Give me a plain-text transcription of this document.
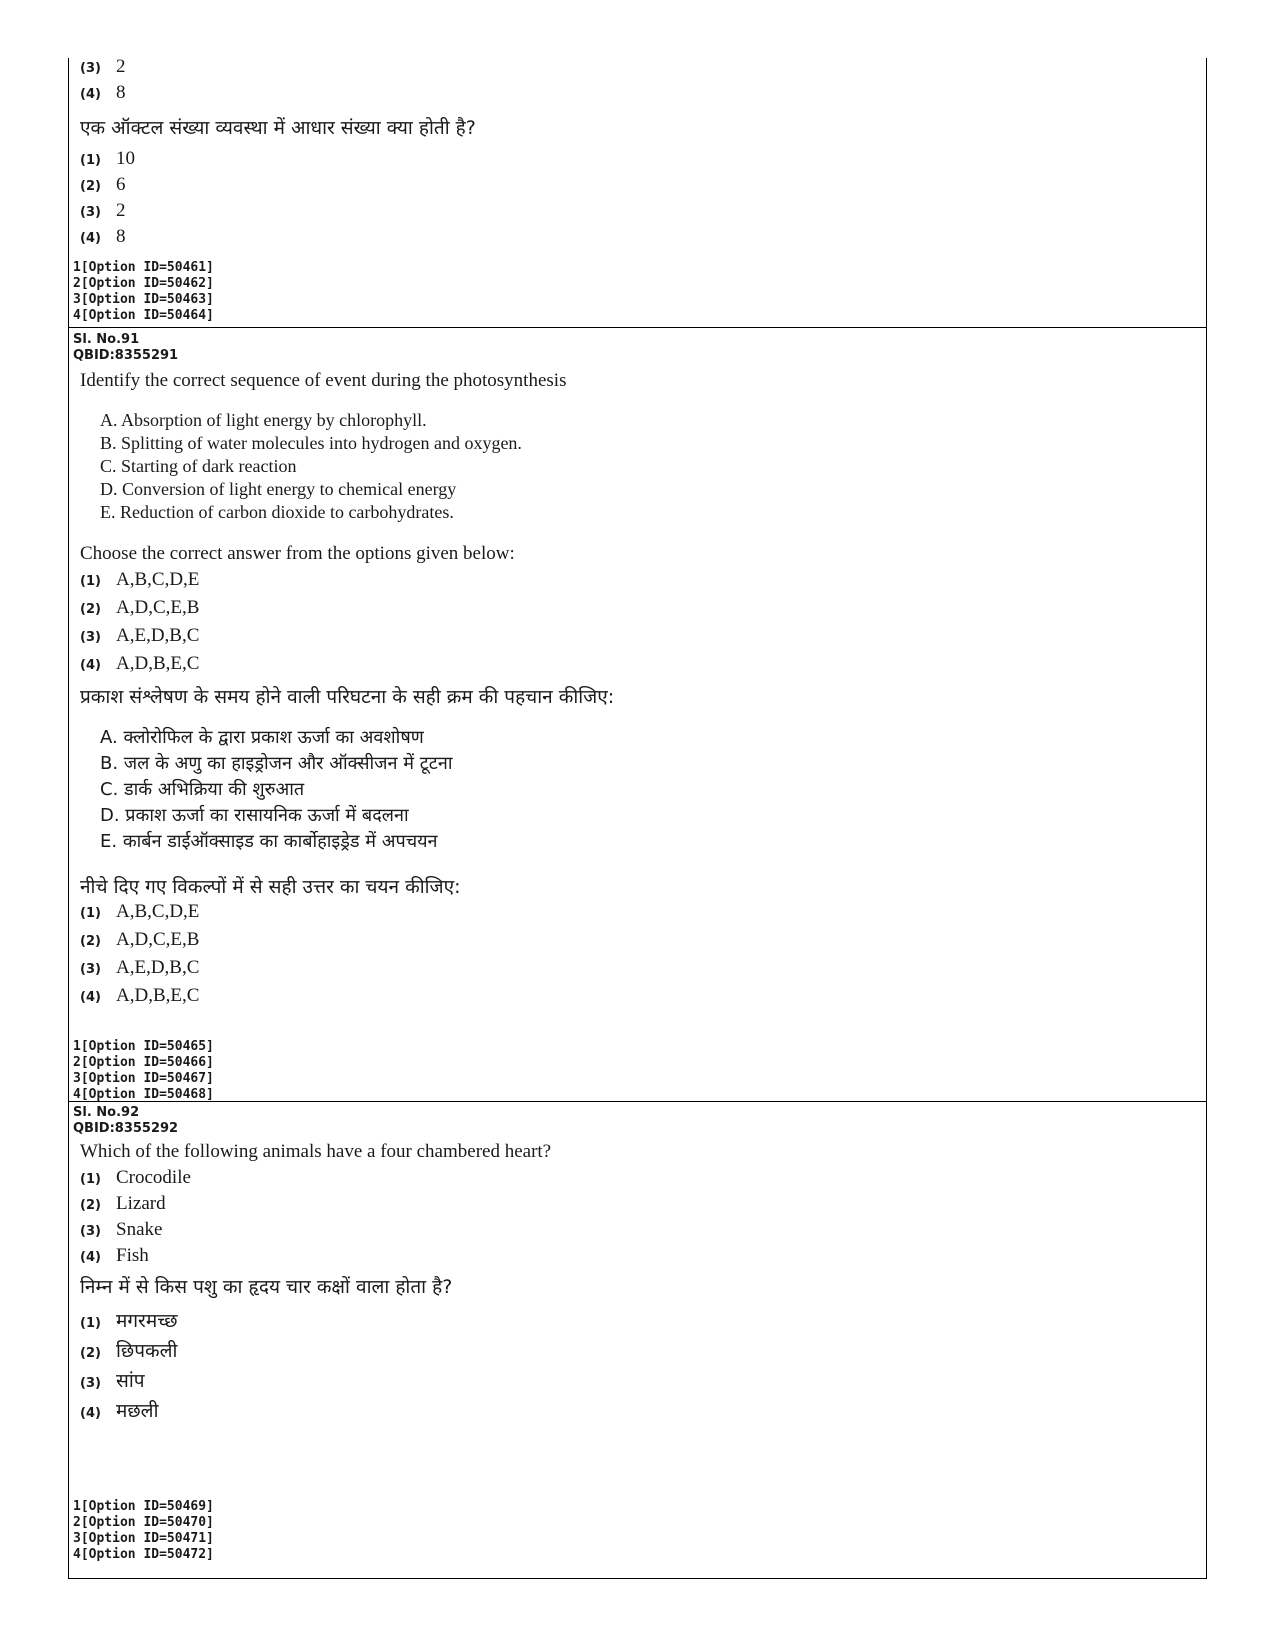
(3) 2
(4) 8
एक ऑक्टल संख्या व्यवस्था में आधार संख्या क्या होती है?
(1) 10
(2) 6
(3) 2
(4) 8
1[Option ID=50461]
2[Option ID=50462]
3[Option ID=50463]
4[Option ID=50464]
Sl. No.91
QBID:8355291
Identify the correct sequence of event during the photosynthesis
A. Absorption of light energy by chlorophyll.
B. Splitting of water molecules into hydrogen and oxygen.
C. Starting of dark reaction
D. Conversion of light energy to chemical energy
E. Reduction of carbon dioxide to carbohydrates.
Choose the correct answer from the options given below:
(1) A,B,C,D,E
(2) A,D,C,E,B
(3) A,E,D,B,C
(4) A,D,B,E,C
प्रकाश संश्लेषण के समय होने वाली परिघटना के सही क्रम की पहचान कीजिए:
A. क्लोरोफिल के द्वारा प्रकाश ऊर्जा का अवशोषण
B. जल के अणु का हाइड्रोजन और ऑक्सीजन में टूटना
C. डार्क अभिक्रिया की शुरुआत
D. प्रकाश ऊर्जा का रासायनिक ऊर्जा में बदलना
E. कार्बन डाईऑक्साइड का कार्बोहाइड्रेड में अपचयन
नीचे दिए गए विकल्पों में से सही उत्तर का चयन कीजिए:
(1) A,B,C,D,E
(2) A,D,C,E,B
(3) A,E,D,B,C
(4) A,D,B,E,C
1[Option ID=50465]
2[Option ID=50466]
3[Option ID=50467]
4[Option ID=50468]
Sl. No.92
QBID:8355292
Which of the following animals have a four chambered heart?
(1) Crocodile
(2) Lizard
(3) Snake
(4) Fish
निम्न में से किस पशु का हृदय चार कक्षों वाला होता है?
(1) मगरमच्छ
(2) छिपकली
(3) सांप
(4) मछली
1[Option ID=50469]
2[Option ID=50470]
3[Option ID=50471]
4[Option ID=50472]
